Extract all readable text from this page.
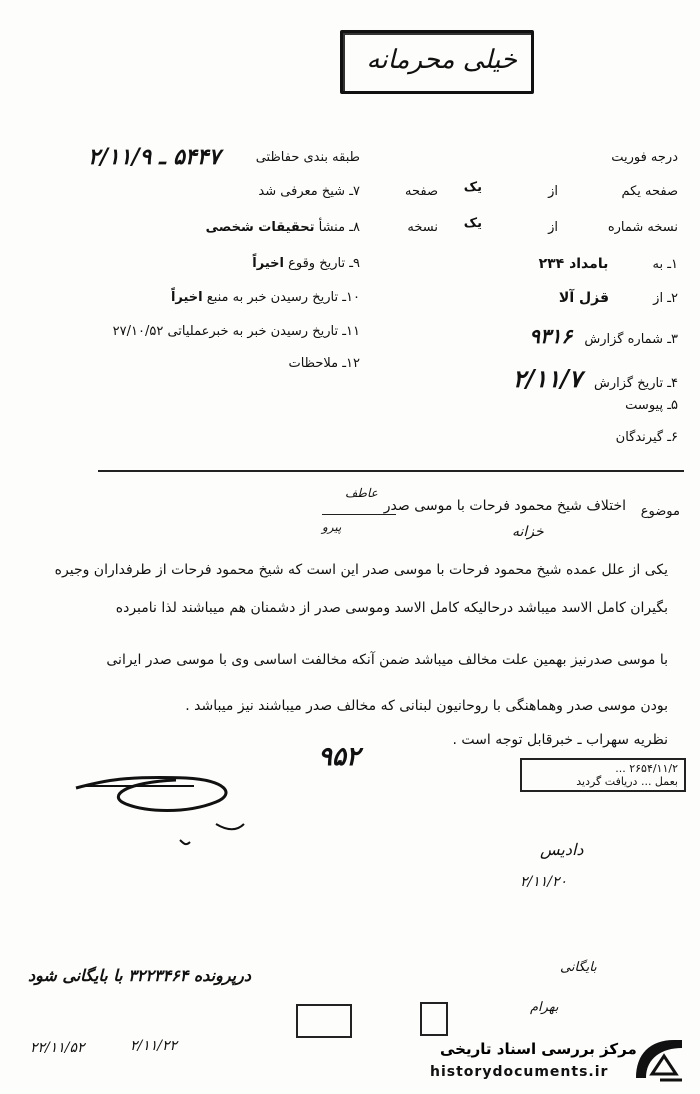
خیلی محرمانه
درجه فوریت
طبقه بندی حفاظتی
۵۴۴۷ ـ ۲/۱۱/۹
صفحه یکم
از
یک
صفحه
نسخه شماره
از
یک
نسخه
۱ـ به بامداد ۲۳۴
۲ـ از قزل آلا
۳ـ شماره گزارش ۹۳۱۶
۴ـ تاریخ گزارش ۲/۱۱/۷
۵ـ پیوست
۶ـ گیرندگان
۷ـ شیخ معرفی شد
۸ـ منشأ تحقیقات شخصی
۹ـ تاریخ وقوع اخیراً
۱۰ـ تاریخ رسیدن خبر به منبع اخیراً
۱۱ـ تاریخ رسیدن خبر به خبرعملیاتی ۲۷/۱۰/۵۲
۱۲ـ ملاحظات
موضوع
اختلاف شیخ محمود فرحات با موسی صدر
عاطف
پیرو	خزانه
یکی از علل عمده شیخ محمود فرحات با موسی صدر این است که شیخ محمود فرحات از طرفداران وجیره
بگیران کامل الاسد میباشد درحالیکه کامل الاسد وموسی صدر از دشمنان هم میباشند لذا نامبرده
با موسی صدرنیز بهمین علت مخالف میباشد ضمن آنکه مخالفت اساسی وی با موسی صدر ایرانی
بودن موسی صدر وهماهنگی با روحانیون لبنانی که مخالف صدر میباشند نیز میباشد .
نظریه سهراب ـ خبرقابل توجه است .
۹۵۲	۲۶۵۴/۱۱/۲ ...
بعمل ... دریافت گردید
دادیس
۲/۱۱/۲۰
درپرونده ۳۲۲۳۴۶۴ با بایگانی شود
۲/۱۱/۲۲
۲۲/۱۱/۵۲
بایگانی
بهرام
مرکز بررسی اسناد تاریخی
historydocuments.ir
